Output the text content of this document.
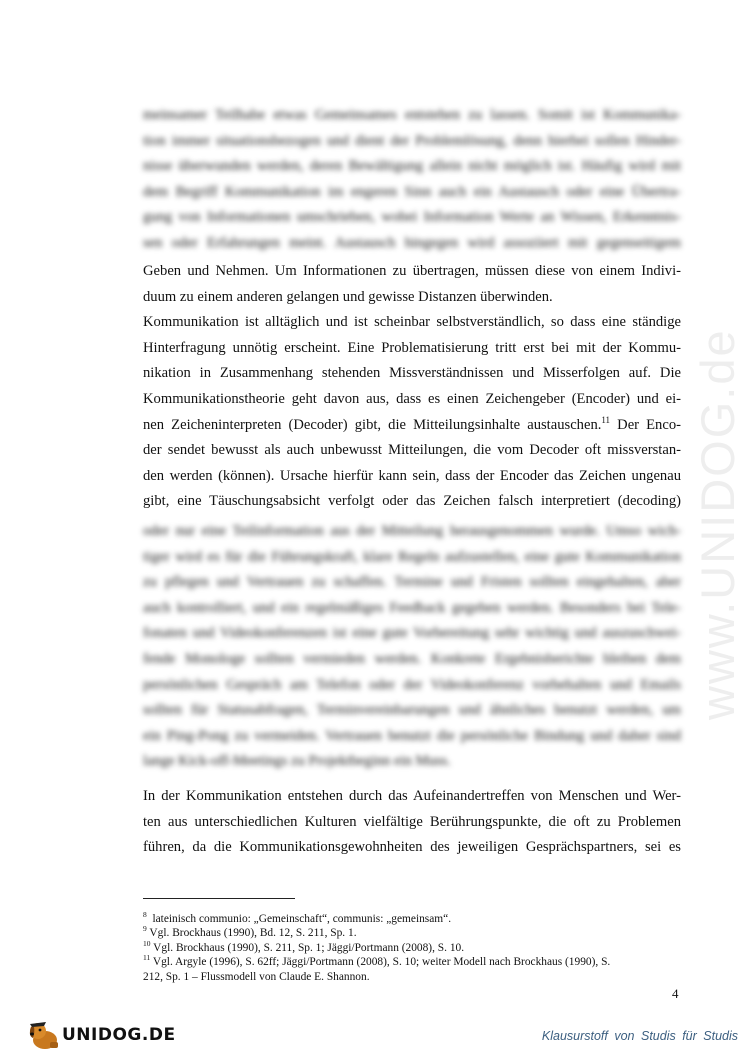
www.UNIDOG.de
meinsamer Teilhabe etwas Gemeinsames entstehen zu lassen. Somit ist Kommunika-
tion immer situationsbezogen und dient der Problemlösung, denn hierbei sollen Hinder-
nisse überwunden werden, deren Bewältigung allein nicht möglich ist. Häufig wird mit
dem Begriff Kommunikation im engeren Sinn auch ein Austausch oder eine Übertra-
gung von Informationen umschrieben, wobei Information Werte an Wissen, Erkenntnis-
sen oder Erfahrungen meint. Austausch hingegen wird assoziiert mit gegenseitigem
Geben und Nehmen. Um Informationen zu übertragen, müssen diese von einem Indivi-
duum zu einem anderen gelangen und gewisse Distanzen überwinden.
Kommunikation ist alltäglich und ist scheinbar selbstverständlich, so dass eine ständige
Hinterfragung unnötig erscheint. Eine Problematisierung tritt erst bei mit der Kommu-
nikation in Zusammenhang stehenden Missverständnissen und Misserfolgen auf. Die
Kommunikationstheorie geht davon aus, dass es einen Zeichengeber (Encoder) und ei-
nen Zeicheninterpreten (Decoder) gibt, die Mitteilungsinhalte austauschen.$^{11}$ Der Enco-
der sendet bewusst als auch unbewusst Mitteilungen, die vom Decoder oft missverstan-
den werden (können). Ursache hierfür kann sein, dass der Encoder das Zeichen ungenau
gibt, eine Täuschungsabsicht verfolgt oder das Zeichen falsch interpretiert (decoding)
oder nur eine Teilinformation aus der Mitteilung herausgenommen wurde. Umso wich-
tiger wird es für die Führungskraft, klare Regeln aufzustellen, eine gute Kommunikation
zu pflegen und Vertrauen zu schaffen. Termine und Fristen sollten eingehalten, aber
auch kontrolliert, und ein regelmäßiges Feedback gegeben werden. Besonders bei Tele-
fonaten und Videokonferenzen ist eine gute Vorbereitung sehr wichtig und auszuschwei-
fende Monologe sollten vermieden werden. Konkrete Ergebnisberichte bleiben dem
persönlichen Gespräch am Telefon oder der Videokonferenz vorbehalten und Emails
sollten für Statusabfragen, Terminvereinbarungen und ähnliches benutzt werden, um
ein Ping-Pong zu vermeiden. Vertrauen benutzt die persönliche Bindung und daher sind
lange Kick-off-Meetings zu Projektbeginn ein Muss.
In der Kommunikation entstehen durch das Aufeinandertreffen von Menschen und Wer-
ten aus unterschiedlichen Kulturen vielfältige Berührungspunkte, die oft zu Problemen
führen, da die Kommunikationsgewohnheiten des jeweiligen Gesprächspartners, sei es
$^8$ lateinisch communio: „Gemeinschaft“, communis: „gemeinsam“.
$^9$ Vgl. Brockhaus (1990), Bd. 12, S. 211, Sp. 1.
$^{10}$ Vgl. Brockhaus (1990), S. 211, Sp. 1; Jäggi/Portmann (2008), S. 10.
$^{11}$ Vgl. Argyle (1996), S. 62ff; Jäggi/Portmann (2008), S. 10; weiter Modell nach Brockhaus (1990), S.
212, Sp. 1 – Flussmodell von Claude E. Shannon.
4
UNIDOG.DE	Klausurstoff von Studis für Studis
